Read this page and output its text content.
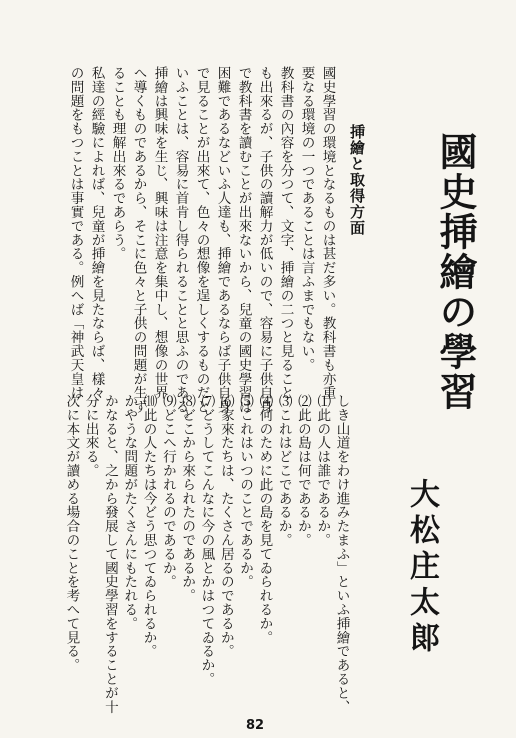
國史挿繪の學習
大松庄太郞
挿繪と取得方面
しき山道をわけ進みたまふ」といふ挿繪であると、
⑴此の人は誰であるか。
⑵此の島は何であるか。
⑶これはどこであるか。
⑷何のために此の島を見てゐられるか。
⑸これはいつのことであるか。
⑹家來たちは、たくさん居るのであるか。
⑺どうしてこんなに今の風とかはつてゐるか。
⑻どこから來られたのであるか。
⑼どこへ行かれるのであるか。
⑽此の人たちは今どう思つてゐられるか。
かやうな問題がたくさんにもたれる。
かなると、之から發展して國史學習をすることが十
分に出來る。
次に本文が讀める場合のことを考へて見る。
國史學習の環境となるものは甚だ多い。教科書も亦重
要なる環境の一つであることは言ふまでもない。
教科書の內容を分つて、文字、挿繪の二つと見ること
も出來るが、子供の讀解力が低いので、容易に子供自身
で教科書を讀むことが出來ないから、兒童の國史學習は
困難であるなどいふ人達も、挿繪であるならば子供自身
で見ることが出來て、色々の想像を逞しくするものだと
いふことは、容易に首肯し得られることと思ふのである。
挿繪は興味を生じ、興味は注意を集中し、想像の世界
へ導くものであるから、そこに色々と子供の問題が生ず
ることも理解出來るであらう。
私達の經驗によれば、兒童が挿繪を見たならば、樣々
の問題をもつことは事實である。例へば「神武天皇は
82
